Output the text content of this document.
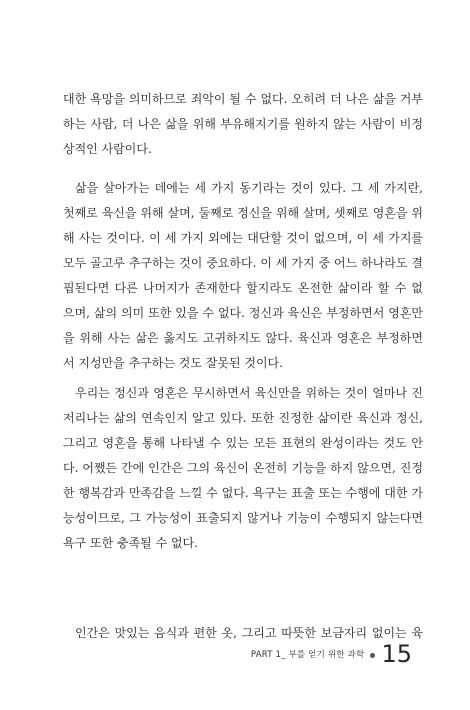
대한 욕망을 의미하므로 죄악이 될 수 없다. 오히려 더 나은 삶을 거부
하는 사람, 더 나은 삶을 위해 부유해지기를 원하지 않는 사람이 비정
상적인 사람이다.
삶을 살아가는 데에는 세 가지 동기라는 것이 있다. 그 세 가지란,
첫째로 육신을 위해 살며, 둘째로 정신을 위해 살며, 셋째로 영혼을 위
해 사는 것이다. 이 세 가지 외에는 대단할 것이 없으며, 이 세 가지를
모두 골고루 추구하는 것이 중요하다. 이 세 가지 중 어느 하나라도 결
핍된다면 다른 나머지가 존재한다 할지라도 온전한 삶이라 할 수 없
으며, 삶의 의미 또한 있을 수 없다. 정신과 육신은 부정하면서 영혼만
을 위해 사는 삶은 옳지도 고귀하지도 않다. 육신과 영혼은 부정하면
서 지성만을 추구하는 것도 잘못된 것이다.
우리는 정신과 영혼은 무시하면서 육신만을 위하는 것이 얼마나 진
저리나는 삶의 연속인지 알고 있다. 또한 진정한 삶이란 육신과 정신,
그리고 영혼을 통해 나타낼 수 있는 모든 표현의 완성이라는 것도 안
다. 어쨌든 간에 인간은 그의 육신이 온전히 기능을 하지 않으면, 진정
한 행복감과 만족감을 느낄 수 없다. 욕구는 표출 또는 수행에 대한 가
능성이므로, 그 가능성이 표출되지 않거나 기능이 수행되지 않는다면
욕구 또한 충족될 수 없다.
인간은 맛있는 음식과 편한 옷, 그리고 따뜻한 보금자리 없이는 육
PART 1_ 부를 얻기 위한 과학 15
